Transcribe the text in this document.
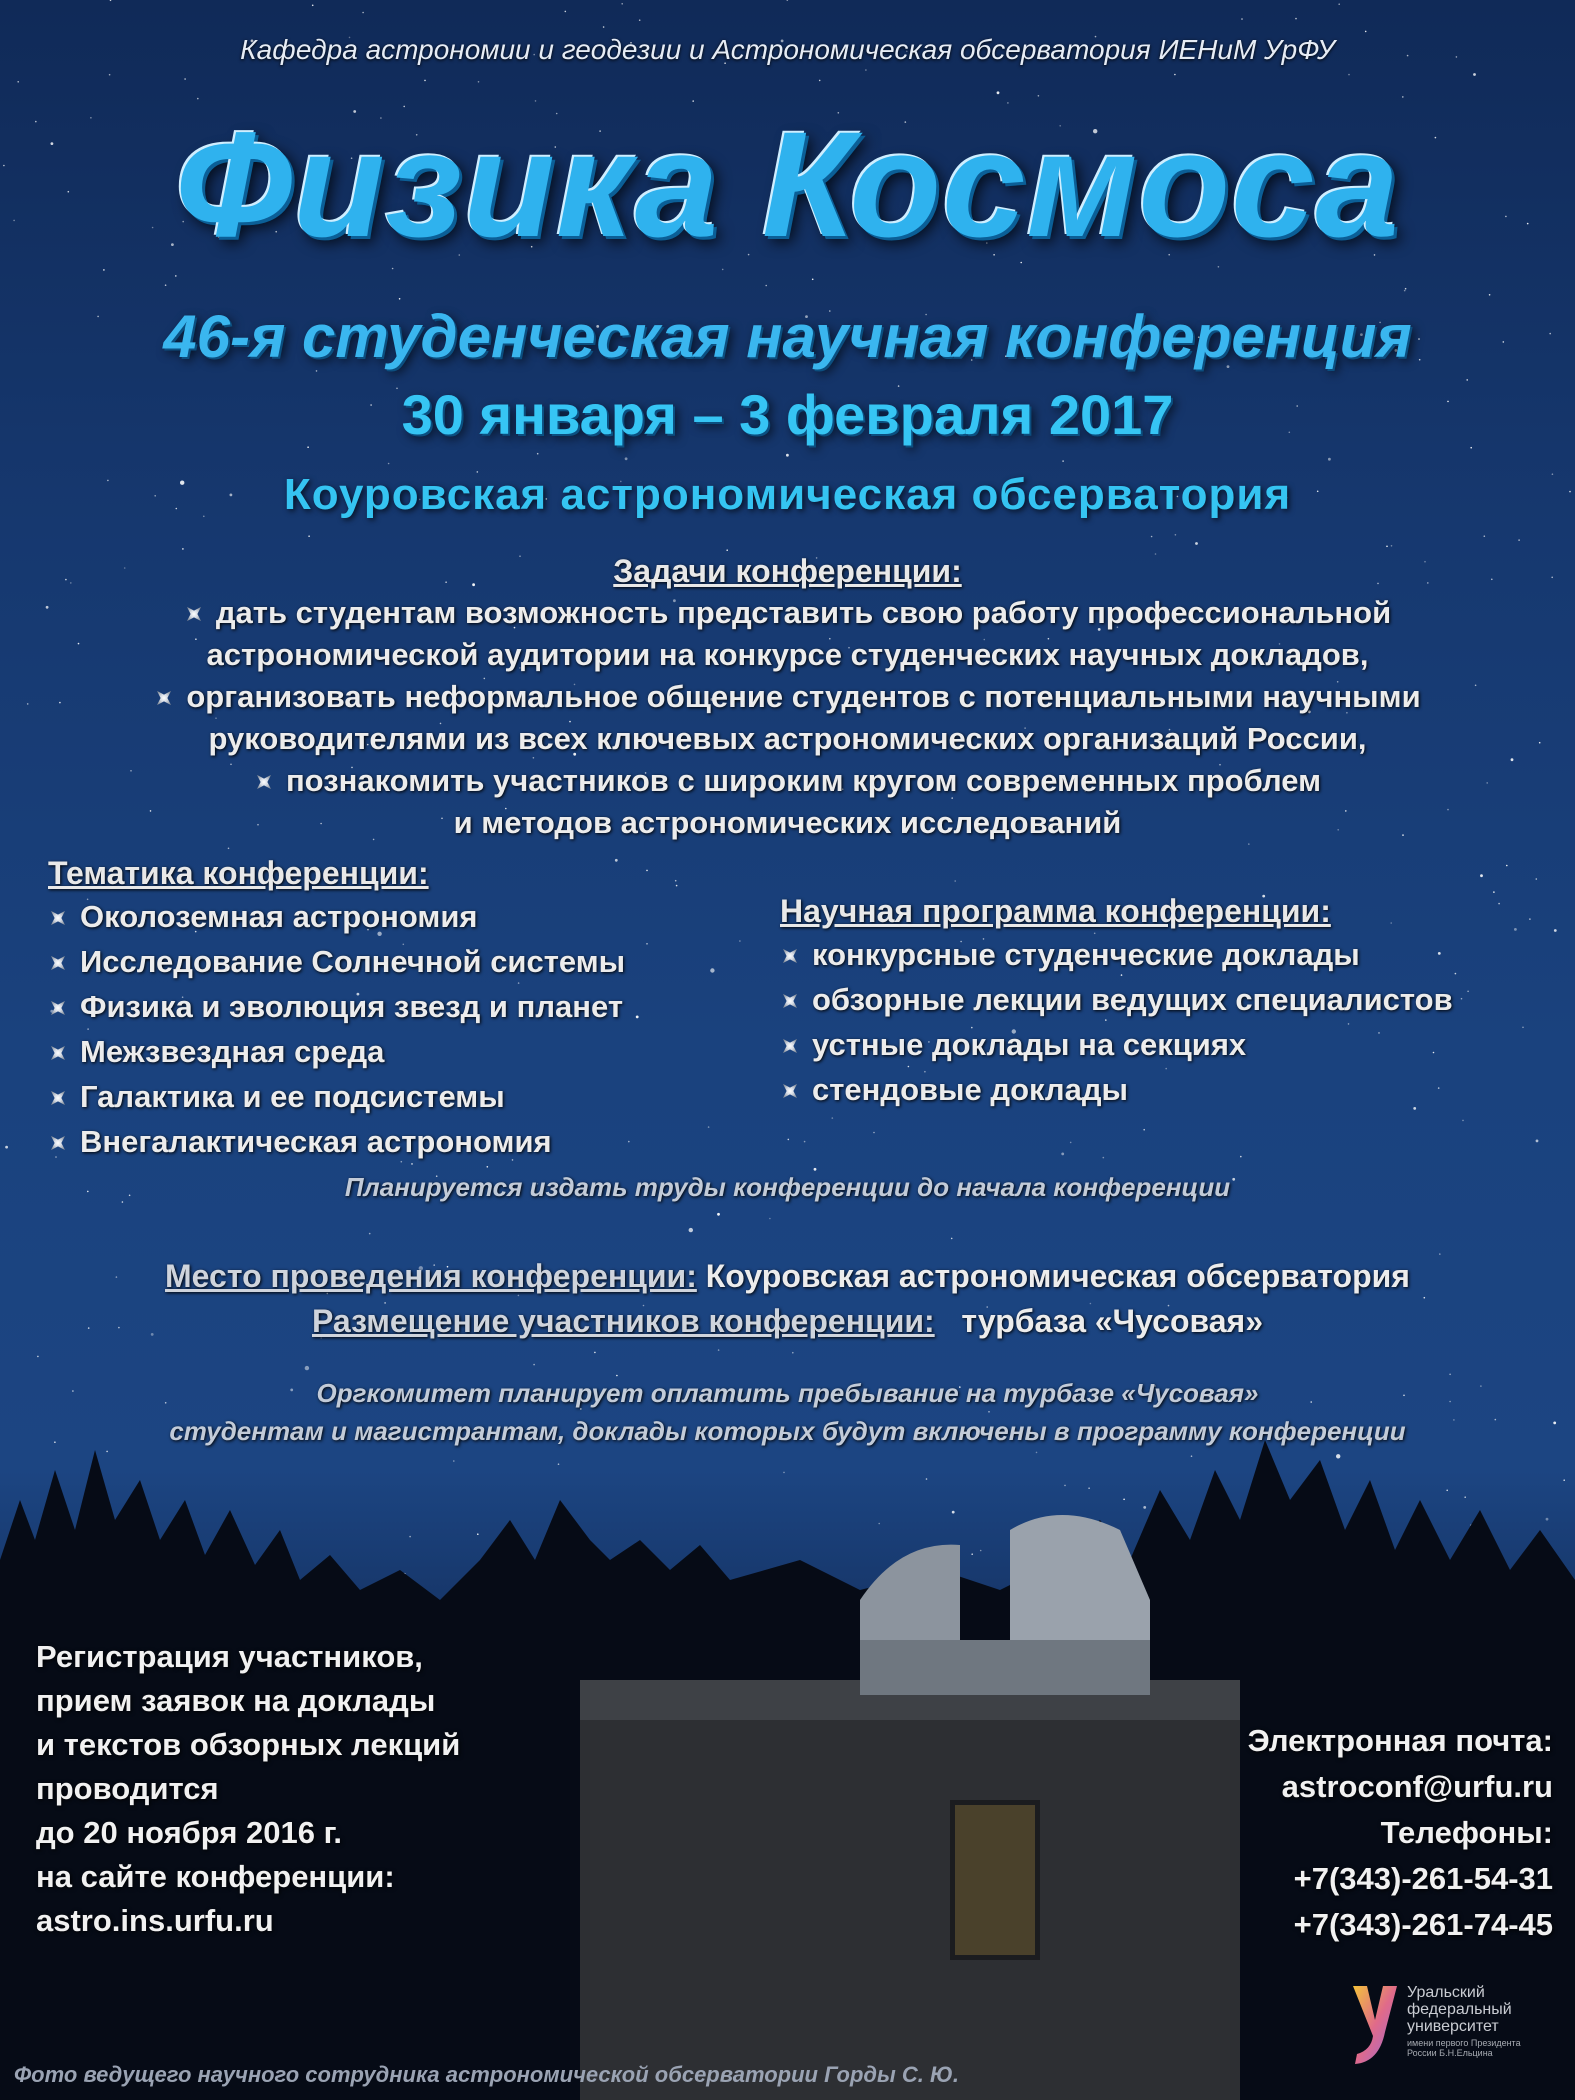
Кафедра астрономии и геодезии и Астрономическая обсерватория ИЕНиМ УрФУ
Физика Космоса
46-я студенческая научная конференция
30 января – 3 февраля 2017
Коуровская астрономическая обсерватория
Задачи конференции:
дать студентам возможность представить свою работу профессиональной
астрономической аудитории на конкурсе студенческих научных докладов,
организовать неформальное общение студентов с потенциальными научными
руководителями из всех ключевых астрономических организаций России,
познакомить участников с широким кругом современных проблем
и методов астрономических исследований
Тематика конференции:
Околоземная астрономия
Исследование Солнечной системы
Физика и эволюция звезд и планет
Межзвездная среда
Галактика и ее подсистемы
Внегалактическая астрономия
Научная программа конференции:
конкурсные студенческие доклады
обзорные лекции ведущих специалистов
устные доклады на секциях
стендовые доклады
Планируется издать труды конференции до начала конференции
Место проведения конференции: Коуровская астрономическая обсерватория
Размещение участников конференции: турбаза «Чусовая»
Оргкомитет планирует оплатить пребывание на турбазе «Чусовая»
студентам и магистрантам, доклады которых будут включены в программу конференции
Регистрация участников,
прием заявок на доклады
и текстов обзорных лекций
проводится
до 20 ноября 2016 г.
на сайте конференции:
astro.ins.urfu.ru
Электронная почта:
astroconf@urfu.ru
Телефоны:
+7(343)-261-54-31
+7(343)-261-74-45
Уральский
федеральный
университет
имени первого Президента
России Б.Н.Ельцина
Фото ведущего научного сотрудника астрономической обсерватории Горды С. Ю.
